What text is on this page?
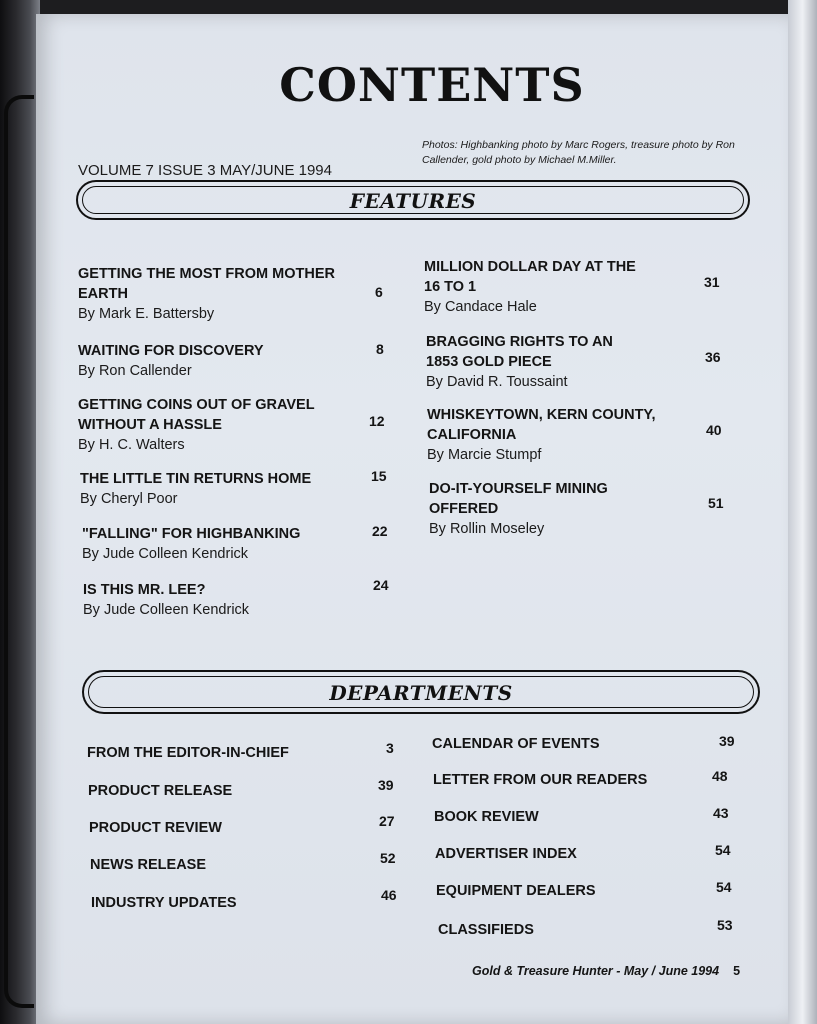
CONTENTS
VOLUME 7 ISSUE 3 MAY/JUNE 1994
Photos: Highbanking photo by Marc Rogers, treasure photo by Ron Callender, gold photo by Michael M.Miller.
FEATURES
GETTING THE MOST FROM MOTHER EARTH
By Mark E. Battersby
6
WAITING FOR DISCOVERY
By Ron Callender
8
GETTING COINS OUT OF GRAVEL WITHOUT A HASSLE
By H. C. Walters
12
THE LITTLE TIN RETURNS HOME
By Cheryl Poor
15
"FALLING" FOR HIGHBANKING
By Jude Colleen Kendrick
22
IS THIS MR. LEE?
By Jude Colleen Kendrick
24
MILLION DOLLAR DAY AT THE 16 TO 1
By Candace Hale
31
BRAGGING RIGHTS TO AN 1853 GOLD PIECE
By David R. Toussaint
36
WHISKEYTOWN, KERN COUNTY, CALIFORNIA
By Marcie Stumpf
40
DO-IT-YOURSELF MINING OFFERED
By Rollin Moseley
51
DEPARTMENTS
FROM THE EDITOR-IN-CHIEF	3
PRODUCT RELEASE	39
PRODUCT REVIEW	27
NEWS RELEASE	52
INDUSTRY UPDATES	46
CALENDAR OF EVENTS	39
LETTER FROM OUR READERS	48
BOOK REVIEW	43
ADVERTISER INDEX	54
EQUIPMENT DEALERS	54
CLASSIFIEDS	53
Gold & Treasure Hunter - May / June 1994 5
